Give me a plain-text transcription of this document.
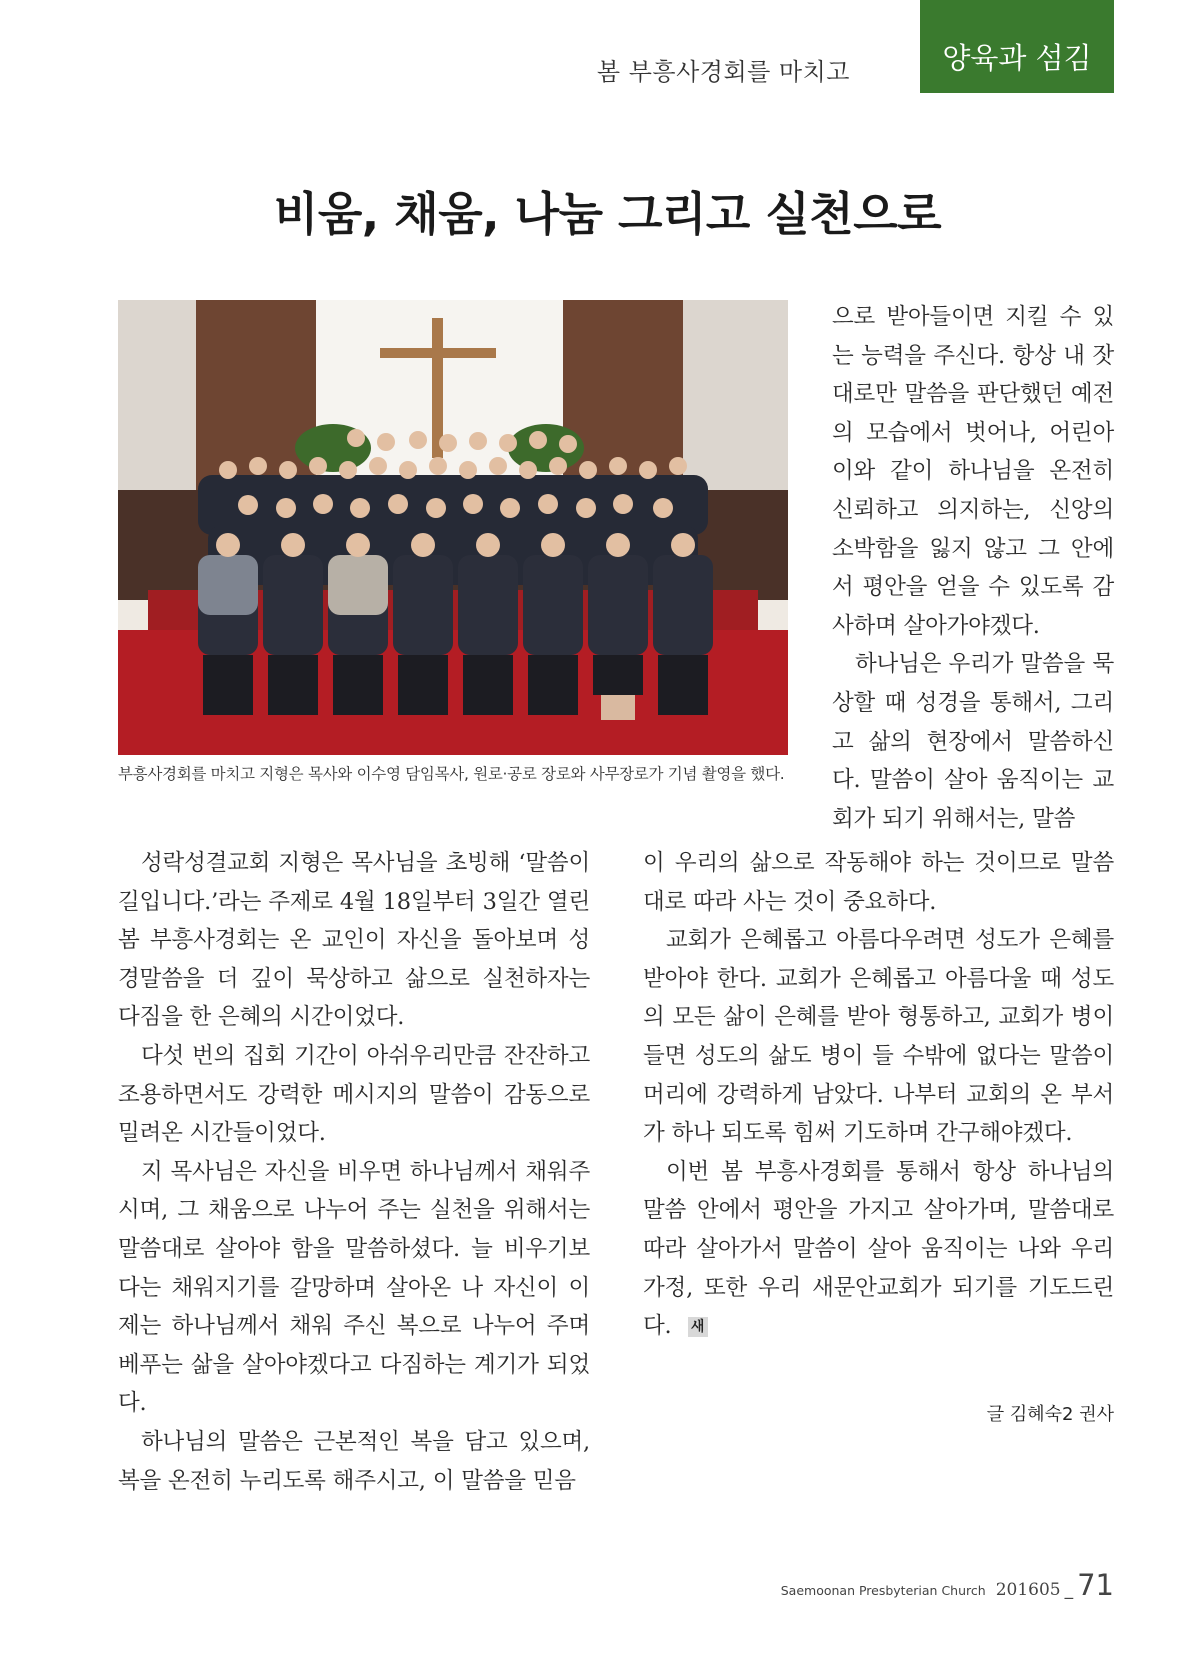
봄 부흥사경회를 마치고	양육과 섬김
비움, 채움, 나눔 그리고 실천으로
부흥사경회를 마치고 지형은 목사와 이수영 담임목사, 원로·공로 장로와 사무장로가 기념 촬영을 했다.

으로 받아들이면 지킬 수 있는 능력을 주신다. 항상 내 잣대로만 말씀을 판단했던 예전의 모습에서 벗어나, 어린아이와 같이 하나님을 온전히 신뢰하고 의지하는, 신앙의 소박함을 잃지 않고 그 안에서 평안을 얻을 수 있도록 감사하며 살아가야겠다.

하나님은 우리가 말씀을 묵상할 때 성경을 통해서, 그리고 삶의 현장에서 말씀하신다. 말씀이 살아 움직이는 교회가 되기 위해서는, 말씀

성락성결교회 지형은 목사님을 초빙해 ‘말씀이 길입니다.’라는 주제로 4월 18일부터 3일간 열린 봄 부흥사경회는 온 교인이 자신을 돌아보며 성경말씀을 더 깊이 묵상하고 삶으로 실천하자는 다짐을 한 은혜의 시간이었다.

다섯 번의 집회 기간이 아쉬우리만큼 잔잔하고 조용하면서도 강력한 메시지의 말씀이 감동으로 밀려온 시간들이었다.

지 목사님은 자신을 비우면 하나님께서 채워주시며, 그 채움으로 나누어 주는 실천을 위해서는 말씀대로 살아야 함을 말씀하셨다. 늘 비우기보다는 채워지기를 갈망하며 살아온 나 자신이 이제는 하나님께서 채워 주신 복으로 나누어 주며 베푸는 삶을 살아야겠다고 다짐하는 계기가 되었다.

하나님의 말씀은 근본적인 복을 담고 있으며, 복을 온전히 누리도록 해주시고, 이 말씀을 믿음

이 우리의 삶으로 작동해야 하는 것이므로 말씀대로 따라 사는 것이 중요하다.

교회가 은혜롭고 아름다우려면 성도가 은혜를 받아야 한다. 교회가 은혜롭고 아름다울 때 성도의 모든 삶이 은혜를 받아 형통하고, 교회가 병이 들면 성도의 삶도 병이 들 수밖에 없다는 말씀이 머리에 강력하게 남았다. 나부터 교회의 온 부서가 하나 되도록 힘써 기도하며 간구해야겠다.

이번 봄 부흥사경회를 통해서 항상 하나님의 말씀 안에서 평안을 가지고 살아가며, 말씀대로 따라 살아가서 말씀이 살아 움직이는 나와 우리 가정, 또한 우리 새문안교회가 되기를 기도드린다. 새

글 김혜숙2 권사
Saemoonan Presbyterian Church 201605 _ 71
